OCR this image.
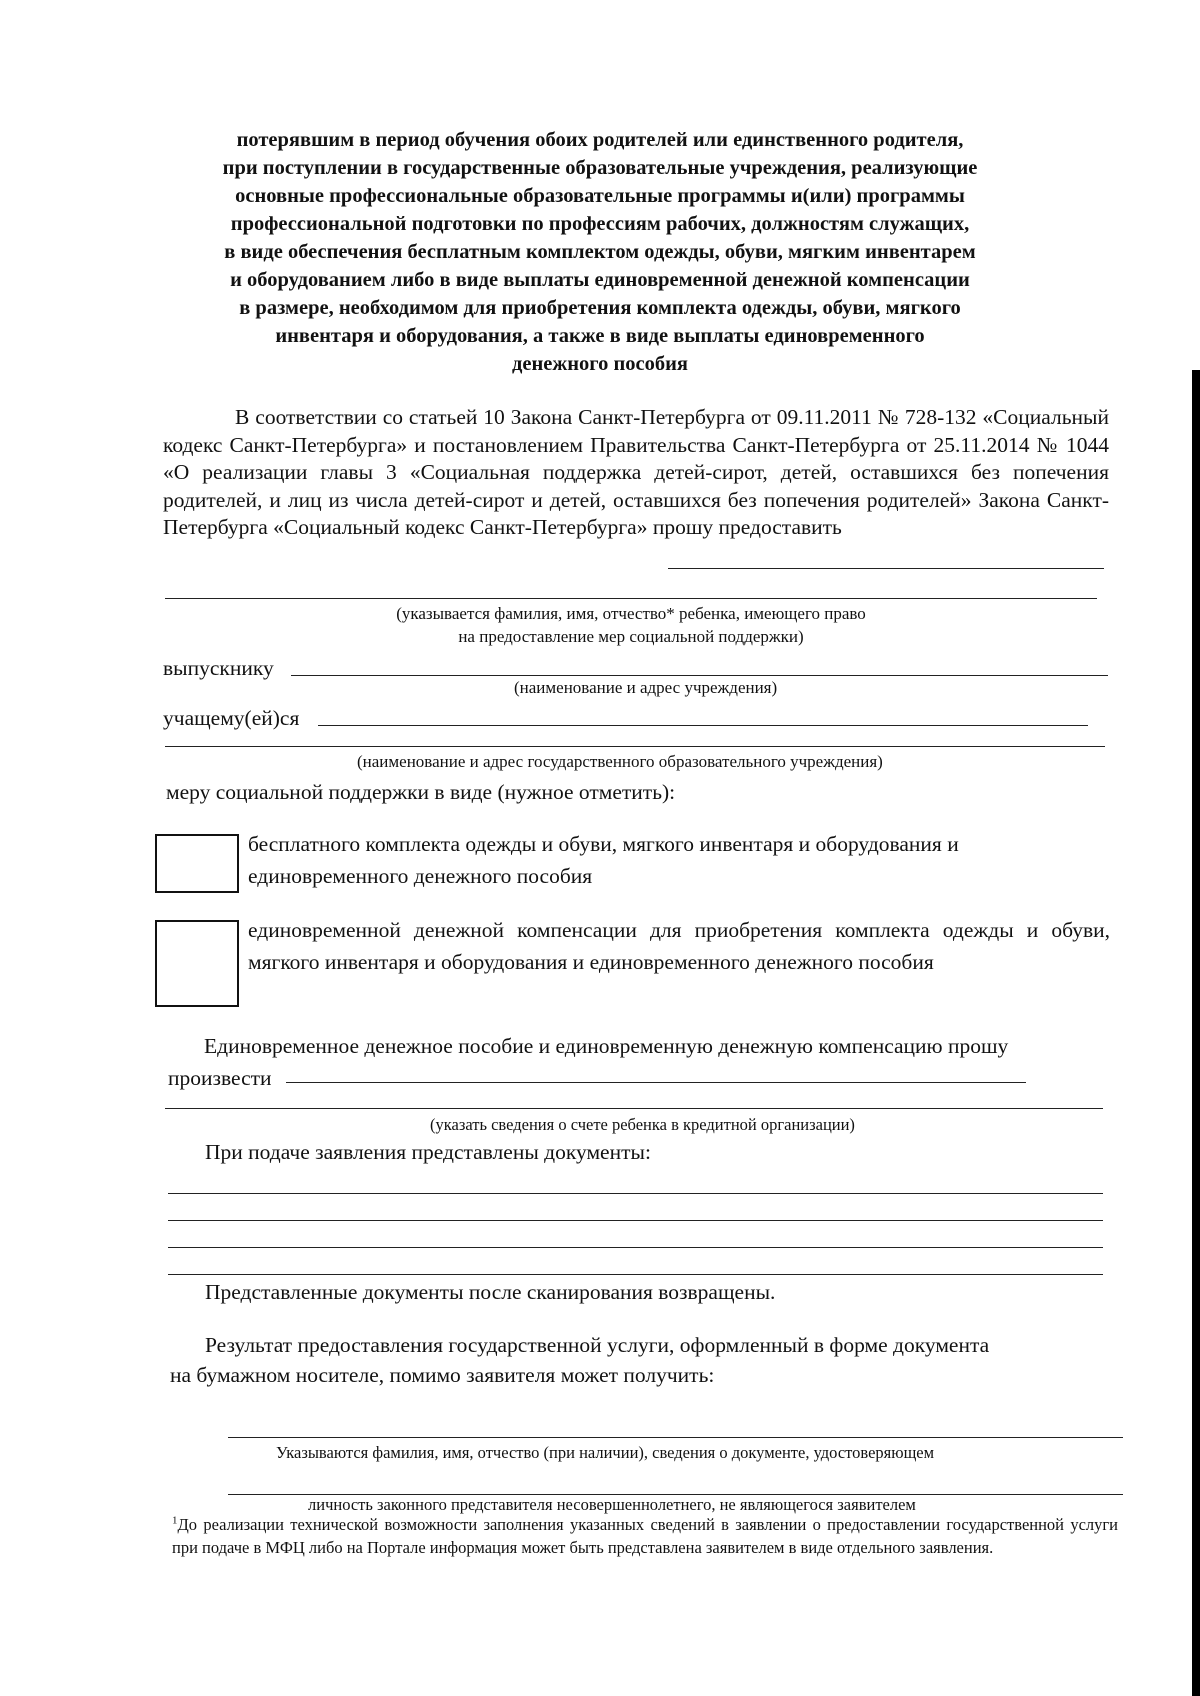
потерявшим в период обучения обоих родителей или единственного родителя,
при поступлении в государственные образовательные учреждения, реализующие
основные профессиональные образовательные программы и(или) программы
профессиональной подготовки по профессиям рабочих, должностям служащих,
в виде обеспечения бесплатным комплектом одежды, обуви, мягким инвентарем
и оборудованием либо в виде выплаты единовременной денежной компенсации
в размере, необходимом для приобретения комплекта одежды, обуви, мягкого
инвентаря и оборудования, а также в виде выплаты единовременного
денежного пособия
В соответствии со статьей 10 Закона Санкт-Петербурга от 09.11.2011 № 728-132 «Социальный кодекс Санкт-Петербурга» и постановлением Правительства Санкт-Петербурга от 25.11.2014 № 1044 «О реализации главы 3 «Социальная поддержка детей-сирот, детей, оставшихся без попечения родителей, и лиц из числа детей-сирот и детей, оставшихся без попечения родителей» Закона Санкт-Петербурга «Социальный кодекс Санкт-Петербурга» прошу предоставить
(указывается фамилия, имя, отчество* ребенка, имеющего право
на предоставление мер социальной поддержки)
выпускнику
(наименование и адрес учреждения)
учащему(ей)ся
(наименование и адрес государственного образовательного учреждения)
меру социальной поддержки в виде (нужное отметить):
бесплатного комплекта одежды и обуви, мягкого инвентаря и оборудования и единовременного денежного пособия
единовременной денежной компенсации для приобретения комплекта одежды и обуви, мягкого инвентаря и оборудования и единовременного денежного пособия
Единовременное денежное пособие и единовременную денежную компенсацию прошу
произвести
(указать сведения о счете ребенка в кредитной организации)
При подаче заявления представлены документы:
Представленные документы после сканирования возвращены.
Результат предоставления государственной услуги, оформленный в форме документа
на бумажном носителе, помимо заявителя может получить:
Указываются фамилия, имя, отчество (при наличии), сведения о документе, удостоверяющем
личность законного представителя несовершеннолетнего, не являющегося заявителем
$^1$До реализации технической возможности заполнения указанных сведений в заявлении о предоставлении государственной услуги при подаче в МФЦ либо на Портале информация может быть представлена заявителем в виде отдельного заявления.
